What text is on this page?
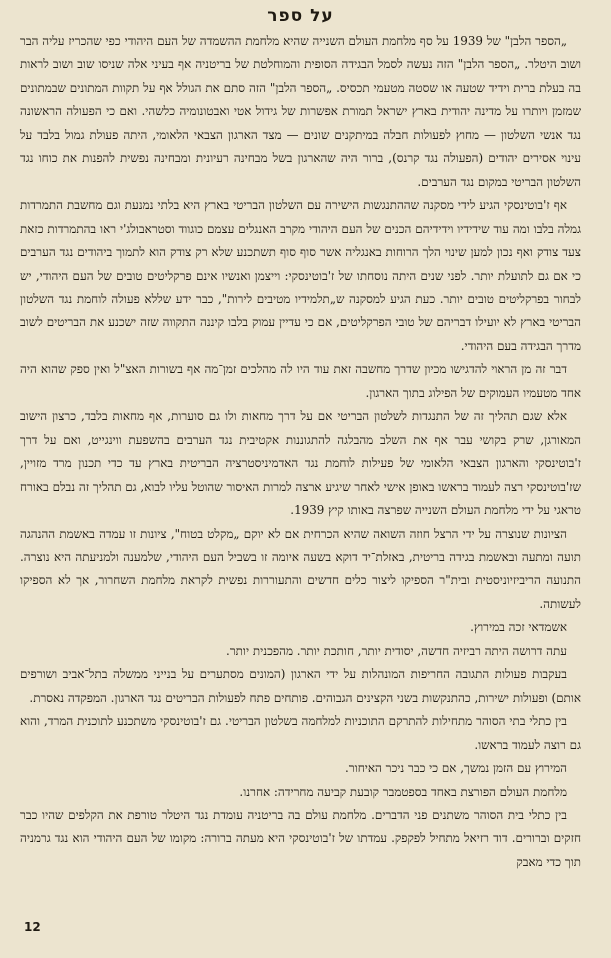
על ספר

„הספר הלבן" של 1939 על סף מלחמת העולם השנייה שהיא מלחמת ההשמדה של העם היהודי כפי שהכריז עליה הבר ושוב היטלר. „הספר הלבן" הזה נעשה לסמל הבגידה הסופית והמוחלטת של בריטניה אף בעיני אלה שניסו שוב ושוב לראות בה בעלת ברית וידיד שטעה או שסטה מטעמי תכסיס. „הספר הלבן" הזה סתם את הגולל אף על תקוות המתונים שבמתונים שמזמן ויותרו על מדינה יהודית בארץ ישראל תמורת אפשרות של גידול אטי ואבטונומיה כלשהי. ואם כי הפעולה הראשונה נגד אנשי השלטון — מחוץ לפעולות חבלה במיתקנים שונים — מצד הארגון הצבאי הלאומי, היתה פעולת גמול בלבד על עינוי אסירים יהודים (הפעולה נגד קרנס), ברור היה שהארגון בשל מבחינה רעיונית ומבחינה נפשית להפנות את כוחו נגד השלטון הבריטי במקום נגד הערבים.

אף ז'בוטינסקי הגיע לידי מסקנה שההתנגשות הישירה עם השלטון הבריטי בארץ היא בלתי נמנעת וגם מחשבת התמרדות גמלה בלבו ומה עוד שידידיו וידידיהם הכנים של העם היהודי מקרב האנגלים עצמם כוגווד וסטראבולג'י ראו בהתמרדות כזאת צעד צודק ואף נכון למען שינוי הלך הרוחות באנגליה אשר סוף סוף תשתכנע שלא רק צודק הוא לתמוך ביהודים נגד הערבים כי אם גם לתועלת יותר. לפני שנים היתה נוסחתו של ז'בוטינסקי: וייצמן ואנשיו אינם פרקליטים טובים של העם היהודי, יש לבחור בפרקליטים טובים יותר. כעת הגיע למסקנה ש„תלמידיו מטיבים לירות", כבר ידע שללא פעולה לוחמת נגד השלטון הבריטי בארץ לא יועילו דבריהם של טובי הפרקליטים, אם כי עדיין עמוק בלבו קיננה התקווה שזה ישכנע את הבריטים לשוב מדרך הבגידה בעם היהודי.

דבר זה מן הראוי להדגישו מכיון שדרך מחשבה זאת עוד היו לה מהלכים זמן־מה אף בשורות האצ"ל ואין ספק שהוא היה אחד מטעמיו העמוקים של הפילוג בתוך הארגון.

אלא שגם תהליך זה של התנגדות לשלטון הבריטי אם על דרך מחאות ולו גם סוערות, אף מחאות בלבד, כרצון הישוב המאורגן, שרק בקושי עבר אף את השלב מהבלגה להתגוננות אקטיבית נגד הערבים בהשפעת ווינגייט, ואם על דרך ז'בוטינסקי והארגון הצבאי הלאומי של פעילות לוחמת נגד האדמיניסטרציה הבריטית בארץ עד כדי תכנון מרד מזויין, שז'בוטינסקי רצה לעמוד בראשו באופן אישי לאחר שיגיע ארצה למרות האיסור שהוטל עליו לבוא, גם תהליך זה נבלם באורח טראגי על ידי מלחמת העולם השנייה שפרצה באותו קיץ 1939.

הציונות שנוצרה על ידי הרצל חוזה השואה שהיא הכרחית אם לא יוקם „מקלט בטוח", ציונות זו עמדה באשמת ההנהגה תועה ומתעה ובאשמת בגידה בריטית, באזלת־יד דוקא בשעה איומה זו בשביל העם היהודי, שלמענה ולמניעתה היא נוצרה. התנועה הריביזיוניסטית ובית"ר הספיקו ליצור כלים חדשים והתעוררות נפשית לקראת מלחמת השחרור, אך לא הספיקו לעשותה.

אשמדאי זכה במירוץ.

עתה דרושה היתה רביזיה חדשה, יסודית יותר, חותכת יותר. מהפכנית יותר.

בעקבות פעולות התגובה החריפות המונהלות על ידי הארגון (המונים מסתערים על בנייני ממשלה בתל־אביב ושורפים אותם) ופעולות ישירות, כהתנקשות בשני הקצינים הגבוהים. פותחים פתח לפעולות הבריטים נגד הארגון. המפקדה נאסרת.

בין כתלי בתי הסוהר מתחילות להתרקם התוכניות למלחמה בשלטון הבריטי. גם ז'בוטינסקי משתכנע לתוכנית המרד, והוא גם רוצה לעמוד בראשו.

המירוץ עם הזמן נמשך, אם כי כבר ניכר האיחור.

מלחמת העולם הפורצת באחד בספטמבר קובעת קביעה מחרידה: אחרנו.

בין כתלי בית הסוהר משתנים פני הדברים. מלחמת עולם בה בריטניה עומדת נגד היטלר טורפת את הקלפים שהיו כבר חזקים וברורים. דוד רזיאל מתחיל לפקפק. עמדתו של ז'בוטינסקי היא מעתה ברורה: מקומו של העם היהודי הוא נגד גרמניה תוך כדי מאבק

12
